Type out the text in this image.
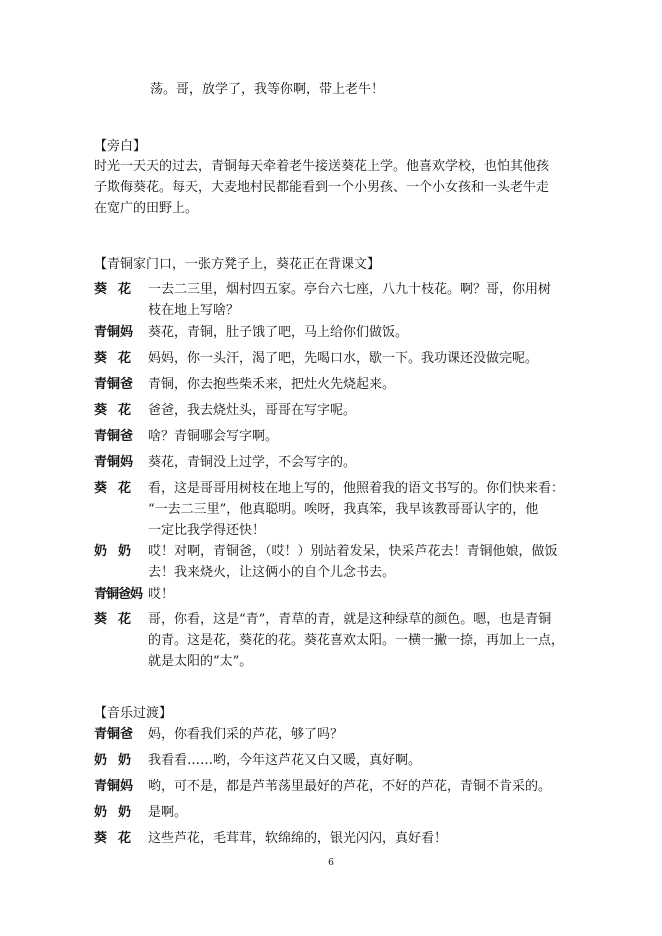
荡。哥，放学了，我等你啊，带上老牛！
【旁白】

时光一天天的过去，青铜每天牵着老牛接送葵花上学。他喜欢学校，也怕其他孩

子欺侮葵花。每天，大麦地村民都能看到一个小男孩、一个小女孩和一头老牛走

在宽广的田野上。

【青铜家门口，一张方凳子上，葵花正在背课文】
葵花 一去二三里，烟村四五家。亭台六七座，八九十枝花。啊？哥，你用树

枝在地上写啥？

青铜妈 葵花，青铜，肚子饿了吧，马上给你们做饭。

葵花 妈妈，你一头汗，渴了吧，先喝口水，歇一下。我功课还没做完呢。

青铜爸 青铜，你去抱些柴禾来，把灶火先烧起来。

葵花 爸爸，我去烧灶头，哥哥在写字呢。

青铜爸 啥？青铜哪会写字啊。

青铜妈 葵花，青铜没上过学，不会写字的。

葵花 看，这是哥哥用树枝在地上写的，他照着我的语文书写的。你们快来看：

“一去二三里”，他真聪明。唉呀，我真笨，我早该教哥哥认字的，他

一定比我学得还快！

奶奶 哎！对啊，青铜爸，（哎！）别站着发呆，快采芦花去！青铜他娘，做饭

去！我来烧火，让这俩小的自个儿念书去。

青铜爸妈 哎！

葵花 哥，你看，这是“青”，青草的青，就是这种绿草的颜色。嗯，也是青铜

的青。这是花，葵花的花。葵花喜欢太阳。一横一撇一捺，再加上一点，

就是太阳的“太”。

【音乐过渡】
青铜爸 妈，你看我们采的芦花，够了吗？

奶奶 我看看……哟，今年这芦花又白又暖，真好啊。

青铜妈 哟，可不是，都是芦苇荡里最好的芦花，不好的芦花，青铜不肯采的。

奶奶 是啊。

葵花 这些芦花，毛茸茸，软绵绵的，银光闪闪，真好看！

6
